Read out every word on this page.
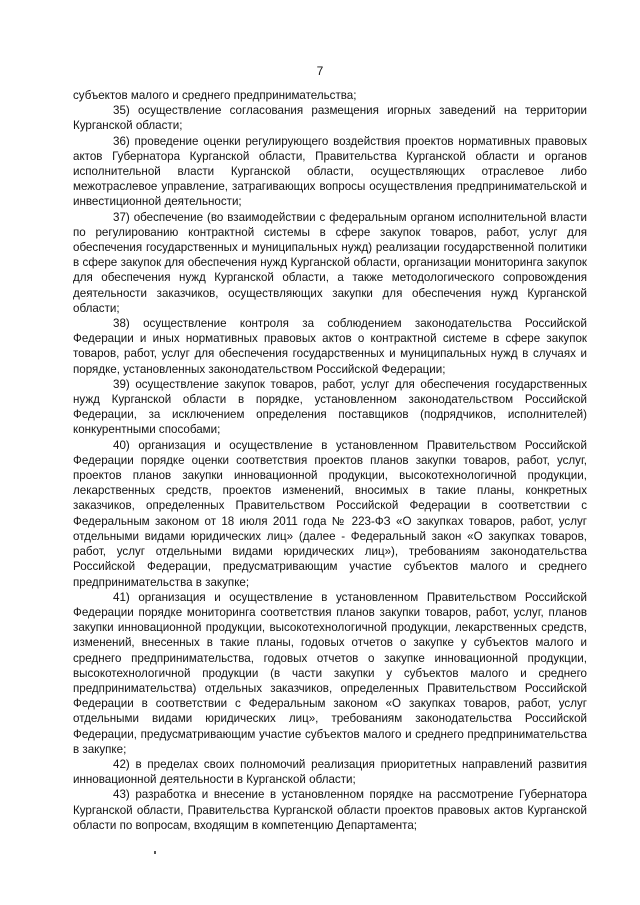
7

субъектов малого и среднего предпринимательства;

35) осуществление согласования размещения игорных заведений на территории Курганской области;

36) проведение оценки регулирующего воздействия проектов нормативных правовых актов Губернатора Курганской области, Правительства Курганской области и органов исполнительной власти Курганской области, осуществляющих отраслевое либо межотраслевое управление, затрагивающих вопросы осуществления предпринимательской и инвестиционной деятельности;

37) обеспечение (во взаимодействии с федеральным органом исполнительной власти по регулированию контрактной системы в сфере закупок товаров, работ, услуг для обеспечения государственных и муниципальных нужд) реализации государственной политики в сфере закупок для обеспечения нужд Курганской области, организации мониторинга закупок для обеспечения нужд Курганской области, а также методологического сопровождения деятельности заказчиков, осуществляющих закупки для обеспечения нужд Курганской области;

38) осуществление контроля за соблюдением законодательства Российской Федерации и иных нормативных правовых актов о контрактной системе в сфере закупок товаров, работ, услуг для обеспечения государственных и муниципальных нужд в случаях и порядке, установленных законодательством Российской Федерации;

39) осуществление закупок товаров, работ, услуг для обеспечения государственных нужд Курганской области в порядке, установленном законодательством Российской Федерации, за исключением определения поставщиков (подрядчиков, исполнителей) конкурентными способами;

40) организация и осуществление в установленном Правительством Российской Федерации порядке оценки соответствия проектов планов закупки товаров, работ, услуг, проектов планов закупки инновационной продукции, высокотехнологичной продукции, лекарственных средств, проектов изменений, вносимых в такие планы, конкретных заказчиков, определенных Правительством Российской Федерации в соответствии с Федеральным законом от 18 июля 2011 года № 223-ФЗ «О закупках товаров, работ, услуг отдельными видами юридических лиц» (далее - Федеральный закон «О закупках товаров, работ, услуг отдельными видами юридических лиц»), требованиям законодательства Российской Федерации, предусматривающим участие субъектов малого и среднего предпринимательства в закупке;

41) организация и осуществление в установленном Правительством Российской Федерации порядке мониторинга соответствия планов закупки товаров, работ, услуг, планов закупки инновационной продукции, высокотехнологичной продукции, лекарственных средств, изменений, внесенных в такие планы, годовых отчетов о закупке у субъектов малого и среднего предпринимательства, годовых отчетов о закупке инновационной продукции, высокотехнологичной продукции (в части закупки у субъектов малого и среднего предпринимательства) отдельных заказчиков, определенных Правительством Российской Федерации в соответствии с Федеральным законом «О закупках товаров, работ, услуг отдельными видами юридических лиц», требованиям законодательства Российской Федерации, предусматривающим участие субъектов малого и среднего предпринимательства в закупке;

42) в пределах своих полномочий реализация приоритетных направлений развития инновационной деятельности в Курганской области;

43) разработка и внесение в установленном порядке на рассмотрение Губернатора Курганской области, Правительства Курганской области проектов правовых актов Курганской области по вопросам, входящим в компетенцию Департамента;
